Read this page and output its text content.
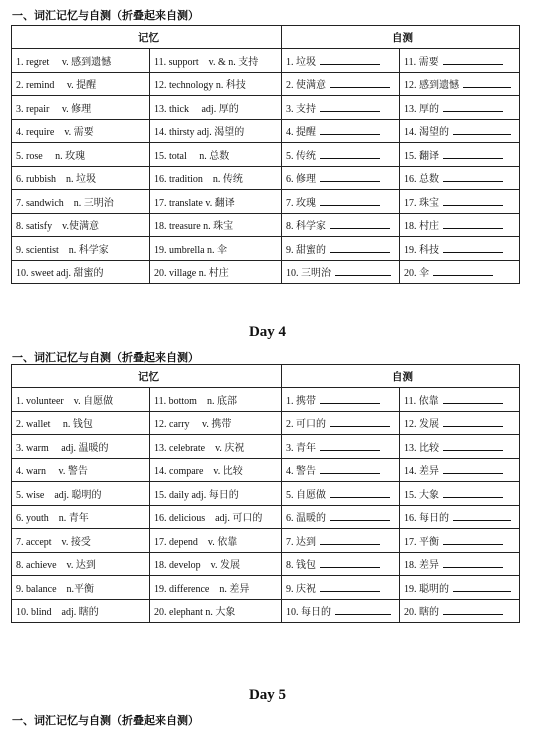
一、词汇记忆与自测（折叠起来自测）
记忆		自测	
1. regret　 v. 感到遗憾	11. support　v. & n. 支持	1. 垃圾	11. 需要
2. remind　 v. 提醒	12. technology n. 科技	2. 使满意	12. 感到遗憾
3. repair　 v. 修理	13. thick　 adj. 厚的	3. 支持	13. 厚的
4. require　v. 需要	14. thirsty adj. 渴望的	4. 提醒	14. 渴望的
5. rose　 n. 玫瑰	15. total　 n. 总数	5. 传统	15. 翻译
6. rubbish　n. 垃圾	16. tradition　n. 传统	6. 修理	16. 总数
7. sandwich　n. 三明治	17. translate v. 翻译	7. 玫瑰	17. 珠宝
8. satisfy　v.使满意	18. treasure n. 珠宝	8. 科学家	18. 村庄
9. scientist　n. 科学家	19. umbrella n. 伞	9. 甜蜜的	19. 科技
10. sweet adj. 甜蜜的	20. village n. 村庄	10. 三明治	20. 伞
Day 4
一、词汇记忆与自测（折叠起来自测）
记忆		自测	
1. volunteer　v. 自愿做	11. bottom　n. 底部	1. 携带	11. 依靠
2. wallet　 n. 钱包	12. carry　 v. 携带	2. 可口的	12. 发展
3. warm　 adj. 温暖的	13. celebrate　v. 庆祝	3. 青年	13. 比较
4. warn　 v. 警告	14. compare　v. 比较	4. 警告	14. 差异
5. wise　adj. 聪明的	15. daily adj. 每日的	5. 自愿做	15. 大象
6. youth　n. 青年	16. delicious　adj. 可口的	6. 温暖的	16. 每日的
7. accept　v. 接受	17. depend　v. 依靠	7. 达到	17. 平衡
8. achieve　v. 达到	18. develop　v. 发展	8. 钱包	18. 差异
9. balance　n.平衡	19. difference　n. 差异	9. 庆祝	19. 聪明的
10. blind　adj. 瞎的	20. elephant n. 大象	10. 每日的	20. 瞎的
Day 5
一、词汇记忆与自测（折叠起来自测）
